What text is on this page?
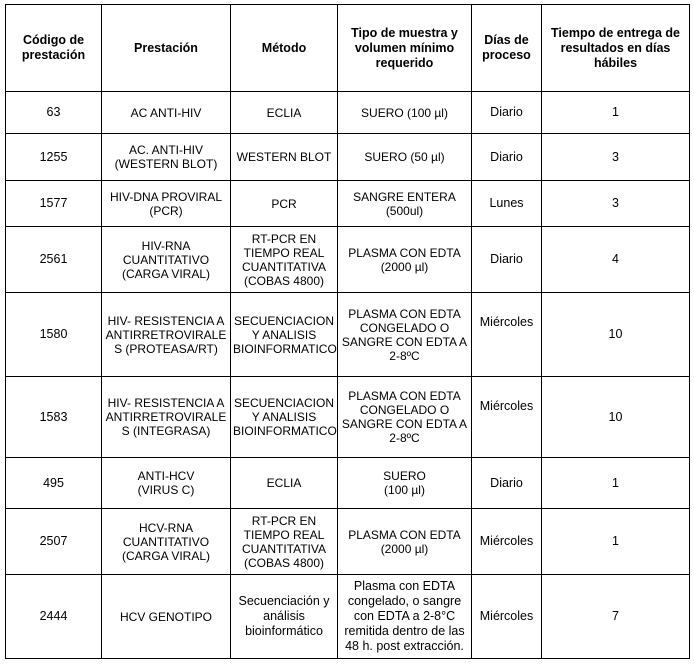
Código de prestación	Prestación	Método	Tipo de muestra y volumen mínimo requerido	Días de proceso	Tiempo de entrega de resultados en días hábiles

63	AC ANTI-HIV	ECLIA	SUERO (100 µl)	Diario	1

1255	AC. ANTI-HIV
(WESTERN BLOT)	WESTERN BLOT	SUERO (50 µl)	Diario	3

1577	HIV-DNA PROVIRAL
(PCR)	PCR	SANGRE ENTERA
(500ul)	Lunes	3

2561	HIV-RNA
CUANTITATIVO
(CARGA VIRAL)	RT-PCR EN
TIEMPO REAL
CUANTITATIVA
(COBAS 4800)	PLASMA CON EDTA
(2000 µl)	Diario	4

1580	HIV- RESISTENCIA A
ANTIRRETROVIRALE
S (PROTEASA/RT)	SECUENCIACION
Y ANALISIS
BIOINFORMATICO	PLASMA CON EDTA
CONGELADO O
SANGRE CON EDTA A
2-8ºC	Miércoles	10

1583	HIV- RESISTENCIA A
ANTIRRETROVIRALE
S (INTEGRASA)	SECUENCIACION
Y ANALISIS
BIOINFORMATICO	PLASMA CON EDTA
CONGELADO O
SANGRE CON EDTA A
2-8ºC	Miércoles	10

495	ANTI-HCV
(VIRUS C)	ECLIA	SUERO
(100 µl)	Diario	1

2507	HCV-RNA
CUANTITATIVO
(CARGA VIRAL)	RT-PCR EN
TIEMPO REAL
CUANTITATIVA
(COBAS 4800)	PLASMA CON EDTA
(2000 µl)	Miércoles	1

2444	HCV GENOTIPO	Secuenciación y
análisis
bioinformático	Plasma con EDTA
congelado, o sangre
con EDTA a 2-8°C
remitida dentro de las
48 h. post extracción.	Miércoles	7
